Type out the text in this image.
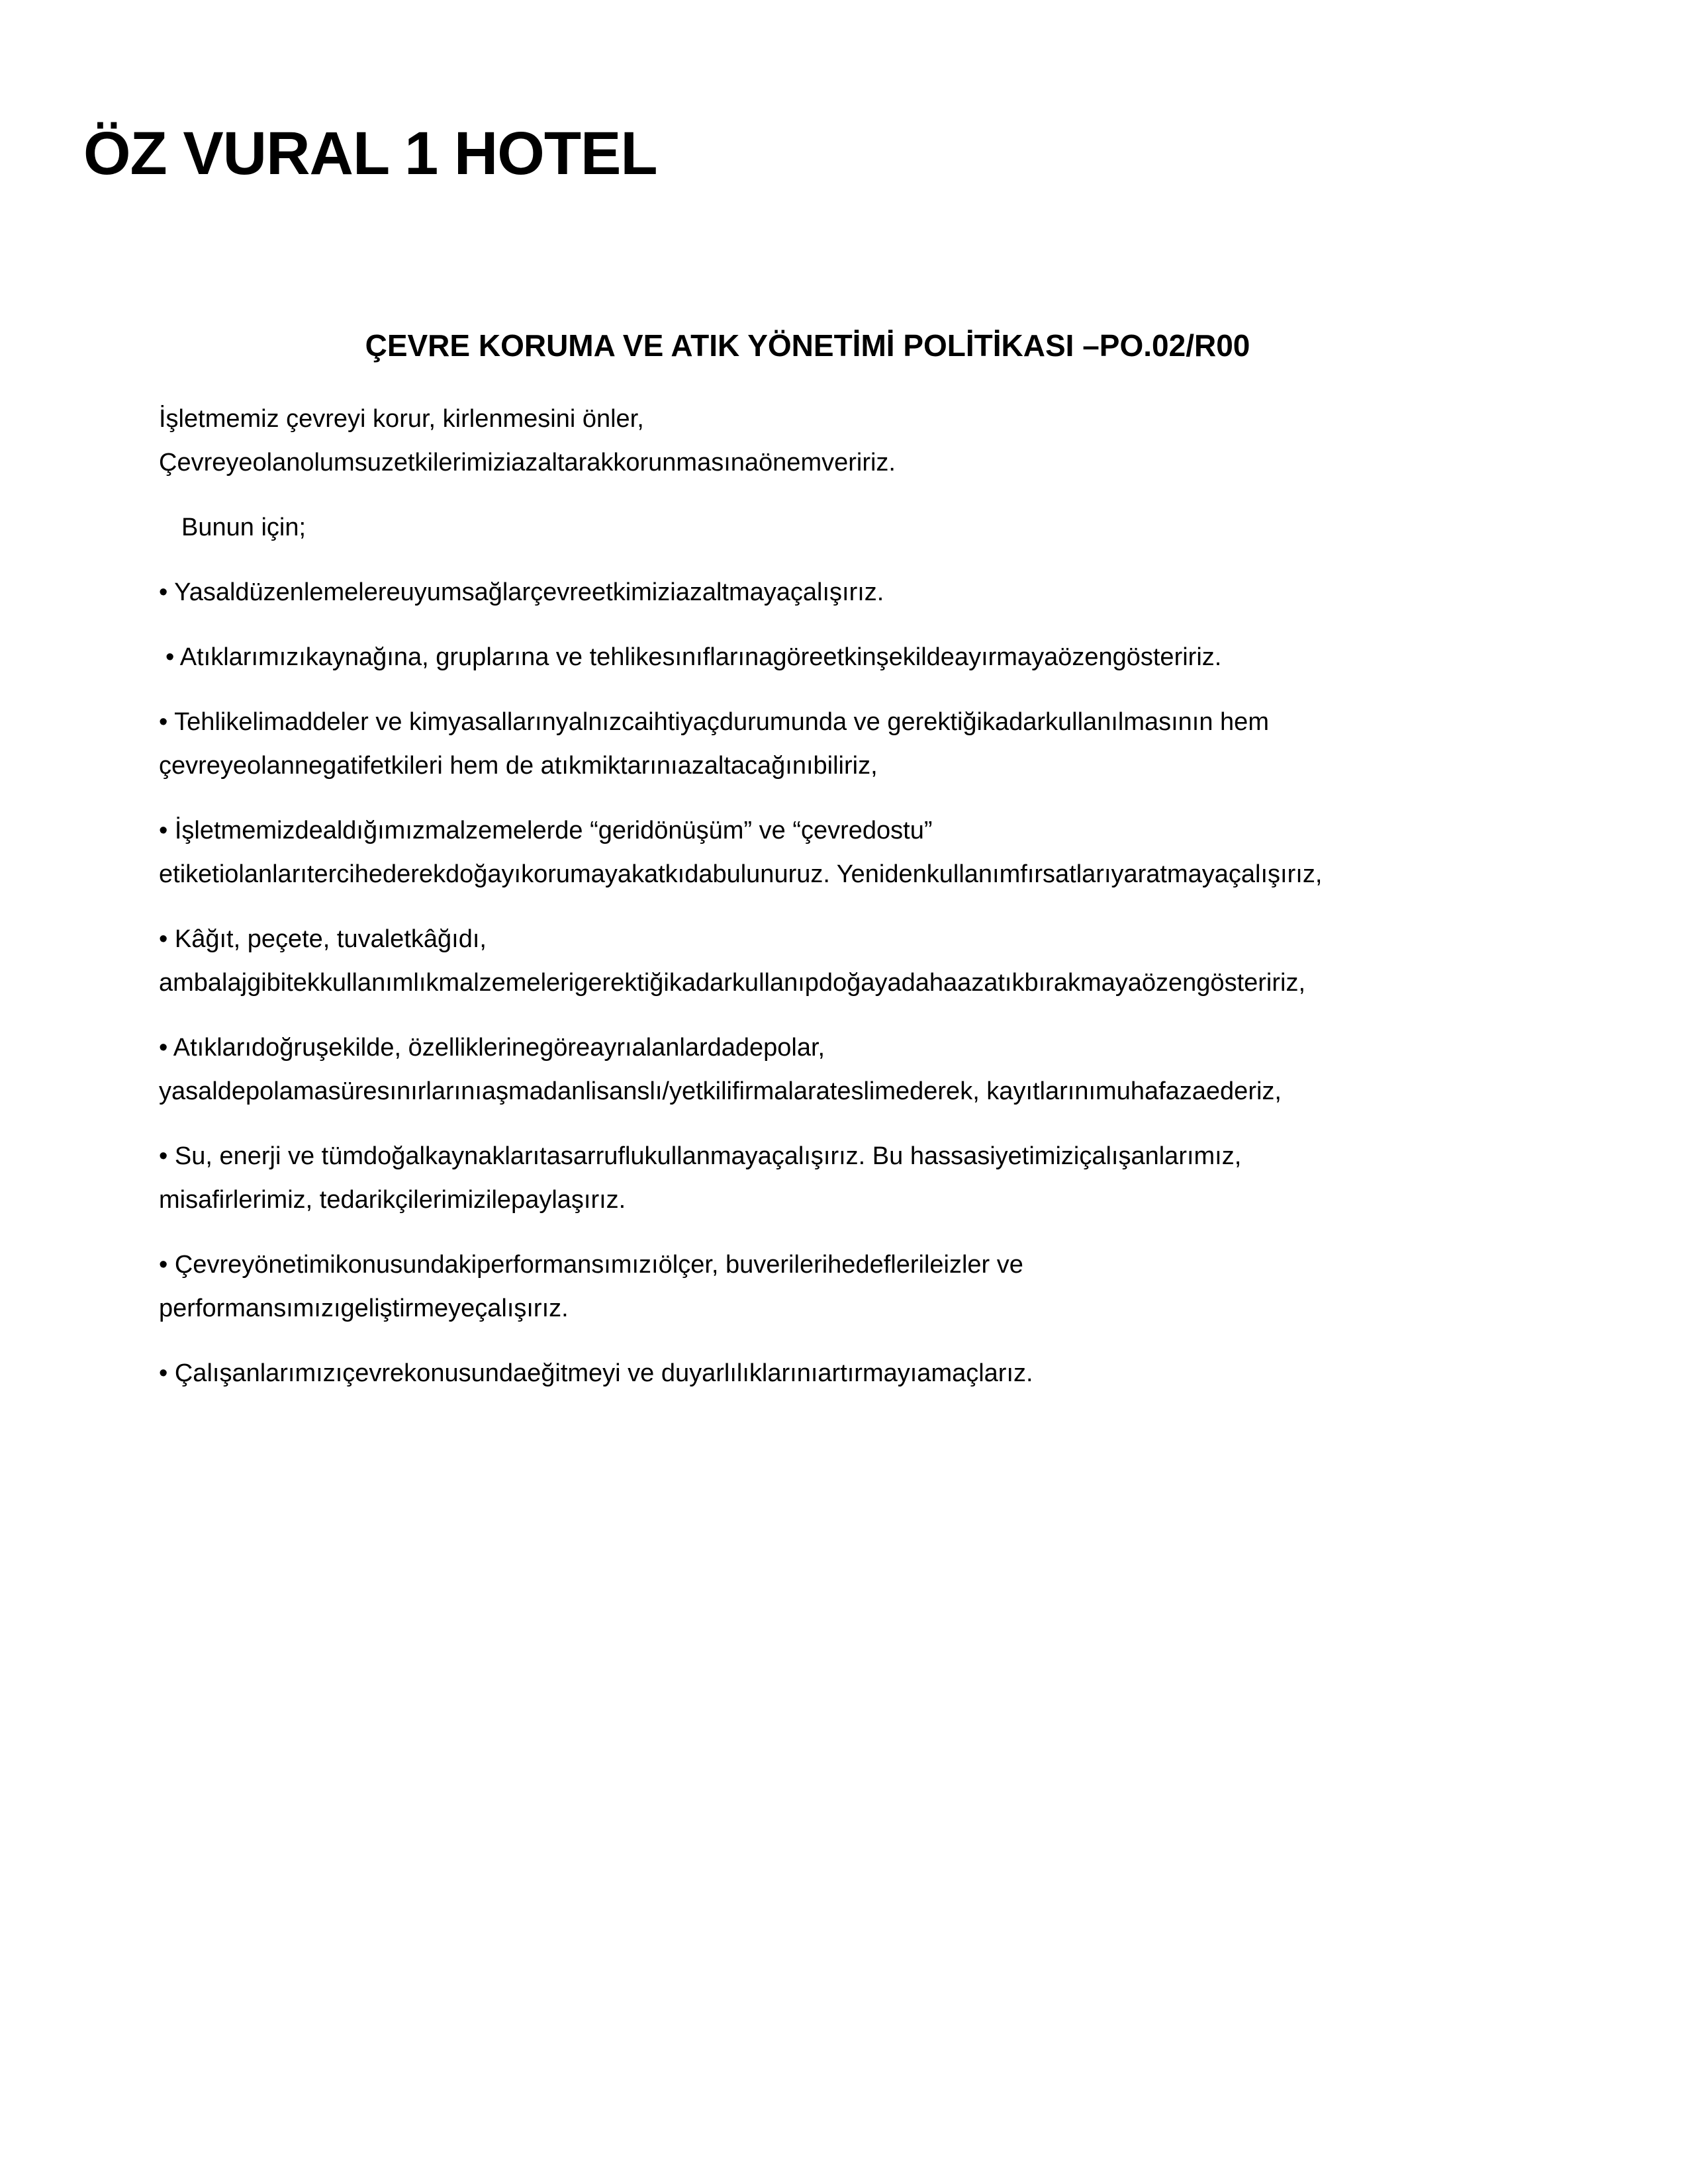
ÖZ VURAL 1 HOTEL
ÇEVRE KORUMA VE ATIK YÖNETİMİ POLİTİKASI –PO.02/R00

İşletmemiz çevreyi korur, kirlenmesini önler,
Çevreyeolanolumsuzetkilerimiziazaltarakkorunmasınaönemveririz.

Bunun için;

• Yasaldüzenlemelereuyumsağlarçevreetkimiziazaltmayaçalışırız.

• Atıklarımızıkaynağına, gruplarına ve tehlikesınıflarınagöreetkinşekildeayırmayaözengösteririz.

• Tehlikelimaddeler ve kimyasallarınyalnızcaihtiyaçdurumunda ve gerektiğikadarkullanılmasının hem
çevreyeolannegatifetkileri hem de atıkmiktarınıazaltacağınıbiliriz,

• İşletmemizdealdığımızmalzemelerde “geridönüşüm” ve “çevredostu”
etiketiolanlarıtercihederekdoğayıkorumayakatkıdabulunuruz. Yenidenkullanımfırsatlarıyaratmayaçalışırız,

• Kâğıt, peçete, tuvaletkâğıdı,
ambalajgibitekkullanımlıkmalzemelerigerektiğikadarkullanıpdoğayadahaazatıkbırakmayaözengösteririz,

• Atıklarıdoğruşekilde, özelliklerinegöreayrıalanlardadepolar,
yasaldepolamasüresınırlarınıaşmadanlisanslı/yetkilifirmalarateslimederek, kayıtlarınımuhafazaederiz,

• Su, enerji ve tümdoğalkaynaklarıtasarruflukullanmayaçalışırız. Bu hassasiyetimiziçalışanlarımız,
misafirlerimiz, tedarikçilerimizilepaylaşırız.

• Çevreyönetimikonusundakiperformansımızıölçer, buverilerihedeflerileizler ve
performansımızıgeliştirmeyeçalışırız.

• Çalışanlarımızıçevrekonusundaeğitmeyi ve duyarlılıklarınıartırmayıamaçlarız.
